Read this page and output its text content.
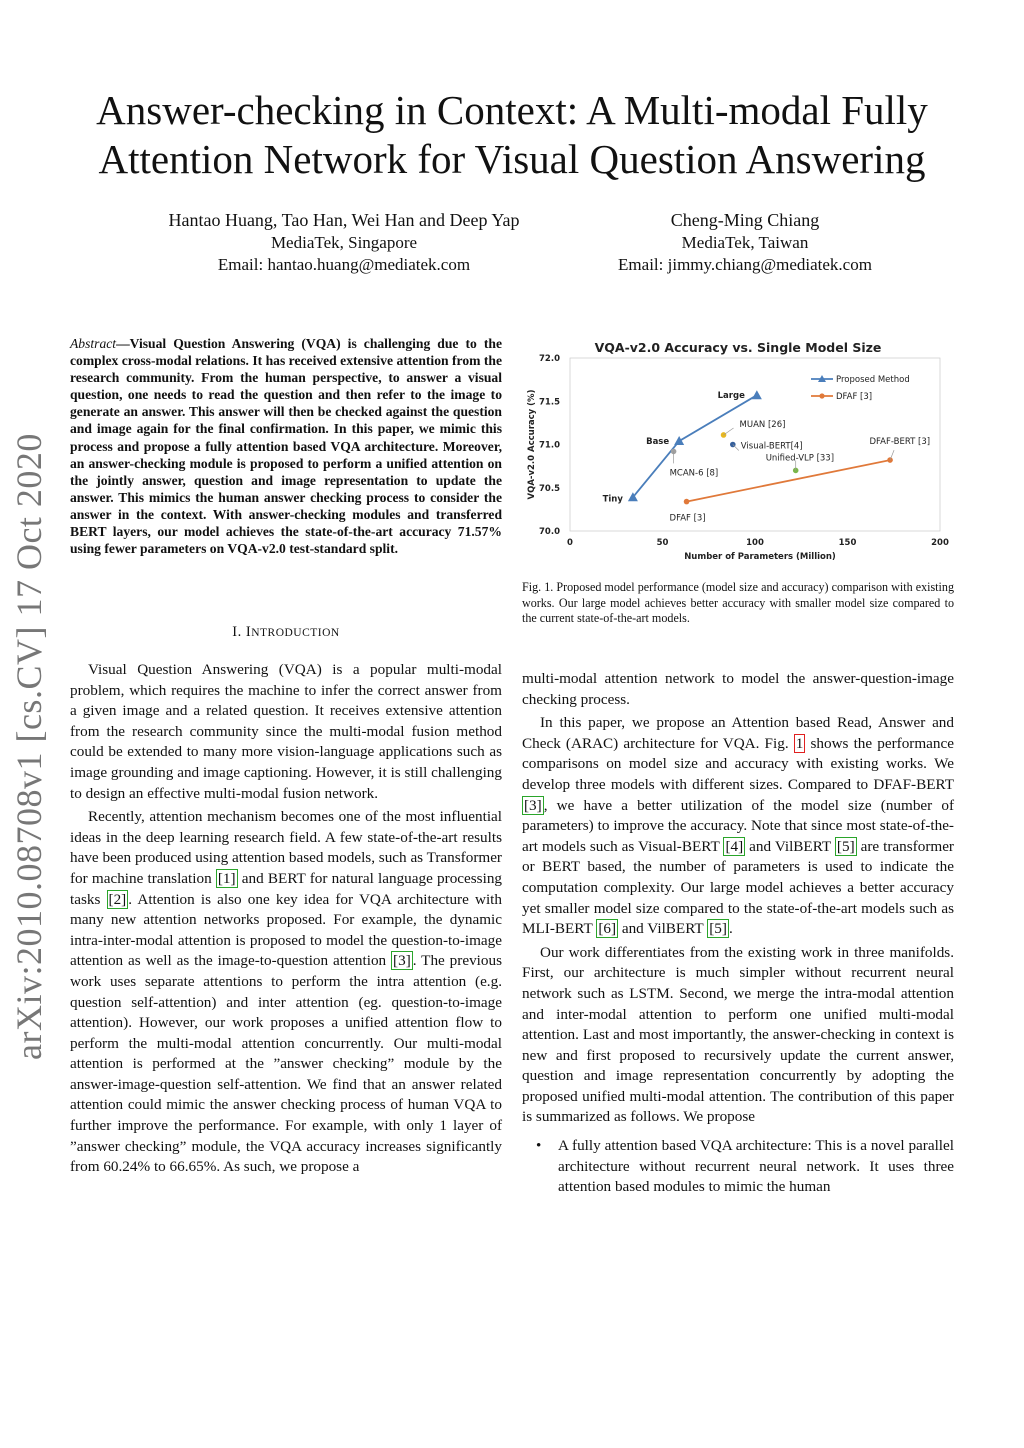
Answer-checking in Context: A Multi-modal Fully Attention Network for Visual Question Answering
Hantao Huang, Tao Han, Wei Han and Deep Yap
MediaTek, Singapore
Email: hantao.huang@mediatek.com
Cheng-Ming Chiang
MediaTek, Taiwan
Email: jimmy.chiang@mediatek.com
arXiv:2010.08708v1 [cs.CV] 17 Oct 2020
Abstract—Visual Question Answering (VQA) is challenging due to the complex cross-modal relations. It has received extensive attention from the research community. From the human perspective, to answer a visual question, one needs to read the question and then refer to the image to generate an answer. This answer will then be checked against the question and image again for the final confirmation. In this paper, we mimic this process and propose a fully attention based VQA architecture. Moreover, an answer-checking module is proposed to perform a unified attention on the jointly answer, question and image representation to update the answer. This mimics the human answer checking process to consider the answer in the context. With answer-checking modules and transferred BERT layers, our model achieves the state-of-the-art accuracy 71.57% using fewer parameters on VQA-v2.0 test-standard split.
I. INTRODUCTION

Visual Question Answering (VQA) is a popular multi-modal problem, which requires the machine to infer the correct answer from a given image and a related question. It receives extensive attention from the research community since the multi-modal fusion method could be extended to many more vision-language applications such as image grounding and image captioning. However, it is still challenging to design an effective multi-modal fusion network.

Recently, attention mechanism becomes one of the most influential ideas in the deep learning research field. A few state-of-the-art results have been produced using attention based models, such as Transformer for machine translation [1] and BERT for natural language processing tasks [2] . Attention is also one key idea for VQA architecture with many new attention networks proposed. For example, the dynamic intra-inter-modal attention is proposed to model the question-to-image attention as well as the image-to-question attention [3] . The previous work uses separate attentions to perform the intra attention (e.g. question self-attention) and inter attention (eg. question-to-image attention). However, our work proposes a unified attention flow to perform the multi-modal attention concurrently. Our multi-modal attention is performed at the ”answer checking” module by the answer-image-question self-attention. We find that an answer related attention could mimic the answer checking process of human VQA to further improve the performance. For example, with only 1 layer of ”answer checking” module, the VQA accuracy increases significantly from 60.24% to 66.65%. As such, we propose a

VQA-v2.0 Accuracy vs. Single Model Size
70.0
70.5
71.0
71.5
72.0
0	50	100	150	200
Number of Parameters (Million)
VQA-v2.0 Accuracy (%)	Tiny
Base
Large
DFAF [3]
DFAF-BERT [3]
MUAN [26]
Visual-BERT[4]
Unified-VLP [33]
MCAN-6 [8]
Proposed Method
DFAF [3]
Fig. 1. Proposed model performance (model size and accuracy) comparison with existing works. Our large model achieves better accuracy with smaller model size compared to the current state-of-the-art models.

multi-modal attention network to model the answer-question-image checking process.

In this paper, we propose an Attention based Read, Answer and Check (ARAC) architecture for VQA. Fig. 1 shows the performance comparisons on model size and accuracy with existing works. We develop three models with different sizes. Compared to DFAF-BERT [3] , we have a better utilization of the model size (number of parameters) to improve the accuracy. Note that since most state-of-the-art models such as Visual-BERT [4] and VilBERT [5] are transformer or BERT based, the number of parameters is used to indicate the computation complexity. Our large model achieves a better accuracy yet smaller model size compared to the state-of-the-art models such as MLI-BERT [6] and VilBERT [5] .

Our work differentiates from the existing work in three manifolds. First, our architecture is much simpler without recurrent neural network such as LSTM. Second, we merge the intra-modal attention and inter-modal attention to perform one unified multi-modal attention. Last and most importantly, the answer-checking in context is new and first proposed to recursively update the current answer, question and image representation concurrently by adopting the proposed unified multi-modal attention. The contribution of this paper is summarized as follows. We propose

• A fully attention based VQA architecture: This is a novel parallel architecture without recurrent neural network. It uses three attention based modules to mimic the human
